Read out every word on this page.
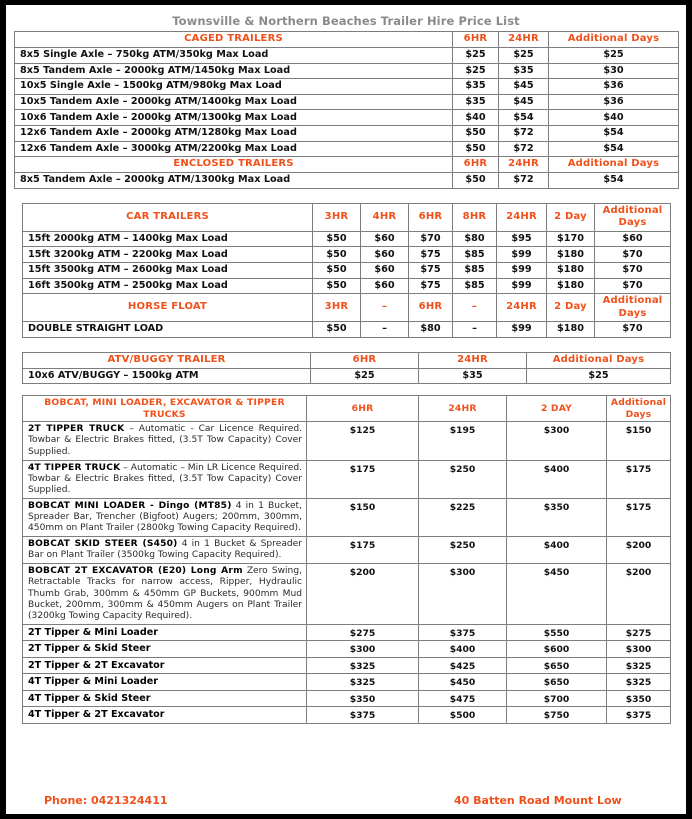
Townsville & Northern Beaches Trailer Hire Price List
CAGED TRAILERS	6HR	24HR	Additional Days
8x5 Single Axle – 750kg ATM/350kg Max Load	$25	$25	$25
8x5 Tandem Axle – 2000kg ATM/1450kg Max Load	$25	$35	$30
10x5 Single Axle – 1500kg ATM/980kg Max Load	$35	$45	$36
10x5 Tandem Axle – 2000kg ATM/1400kg Max Load	$35	$45	$36
10x6 Tandem Axle – 2000kg ATM/1300kg Max Load	$40	$54	$40
12x6 Tandem Axle – 2000kg ATM/1280kg Max Load	$50	$72	$54
12x6 Tandem Axle – 3000kg ATM/2200kg Max Load	$50	$72	$54
ENCLOSED TRAILERS	6HR	24HR	Additional Days
8x5 Tandem Axle – 2000kg ATM/1300kg Max Load	$50	$72	$54
CAR TRAILERS	3HR	4HR	6HR	8HR	24HR	2 Day	Additional Days
15ft 2000kg ATM – 1400kg Max Load	$50	$60	$70	$80	$95	$170	$60
15ft 3200kg ATM – 2200kg Max Load	$50	$60	$75	$85	$99	$180	$70
15ft 3500kg ATM – 2600kg Max Load	$50	$60	$75	$85	$99	$180	$70
16ft 3500kg ATM – 2500kg Max Load	$50	$60	$75	$85	$99	$180	$70
HORSE FLOAT	3HR	–	6HR	–	24HR	2 Day	Additional Days
DOUBLE STRAIGHT LOAD	$50	–	$80	–	$99	$180	$70
ATV/BUGGY TRAILER	6HR	24HR	Additional Days
10x6 ATV/BUGGY – 1500kg ATM	$25	$35	$25
BOBCAT, MINI LOADER, EXCAVATOR & TIPPER TRUCKS	6HR	24HR	2 DAY	Additional Days
2T TIPPER TRUCK – Automatic - Car Licence Required. Towbar & Electric Brakes fitted, (3.5T Tow Capacity) Cover Supplied.	$125	$195	$300	$150
4T TIPPER TRUCK – Automatic – Min LR Licence Required. Towbar & Electric Brakes fitted, (3.5T Tow Capacity) Cover Supplied.	$175	$250	$400	$175
BOBCAT MINI LOADER - Dingo (MT85) 4 in 1 Bucket, Spreader Bar, Trencher (Bigfoot) Augers; 200mm, 300mm, 450mm on Plant Trailer (2800kg Towing Capacity Required).	$150	$225	$350	$175
BOBCAT SKID STEER (S450) 4 in 1 Bucket & Spreader Bar on Plant Trailer (3500kg Towing Capacity Required).	$175	$250	$400	$200
BOBCAT 2T EXCAVATOR (E20) Long Arm Zero Swing, Retractable Tracks for narrow access, Ripper, Hydraulic Thumb Grab, 300mm & 450mm GP Buckets, 900mm Mud Bucket, 200mm, 300mm & 450mm Augers on Plant Trailer (3200kg Towing Capacity Required).	$200	$300	$450	$200
2T Tipper & Mini Loader	$275	$375	$550	$275
2T Tipper & Skid Steer	$300	$400	$600	$300
2T Tipper & 2T Excavator	$325	$425	$650	$325
4T Tipper & Mini Loader	$325	$450	$650	$325
4T Tipper & Skid Steer	$350	$475	$700	$350
4T Tipper & 2T Excavator	$375	$500	$750	$375
Phone: 0421324411	40 Batten Road Mount Low
